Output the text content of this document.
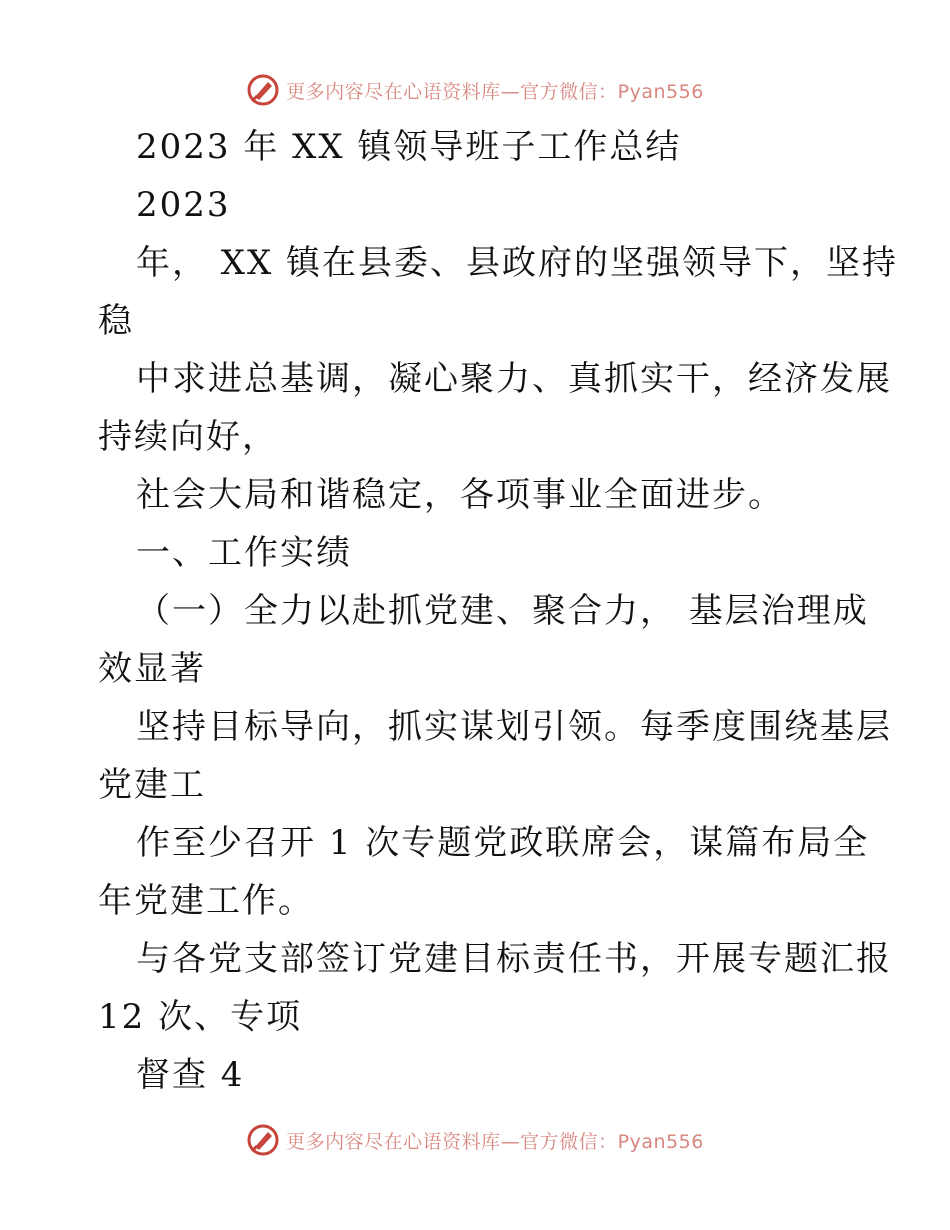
更多内容尽在心语资料库—官方微信：Pyan556
2023 年 XX 镇领导班子工作总结
2023
年， XX 镇在县委、县政府的坚强领导下，坚持
稳
中求进总基调，凝心聚力、真抓实干，经济发展
持续向好，
社会大局和谐稳定，各项事业全面进步。
一、工作实绩
（一）全力以赴抓党建、聚合力， 基层治理成
效显著
坚持目标导向，抓实谋划引领。每季度围绕基层
党建工
作至少召开 1 次专题党政联席会，谋篇布局全
年党建工作。
与各党支部签订党建目标责任书，开展专题汇报
12 次、专项
督查 4
更多内容尽在心语资料库—官方微信：Pyan556
